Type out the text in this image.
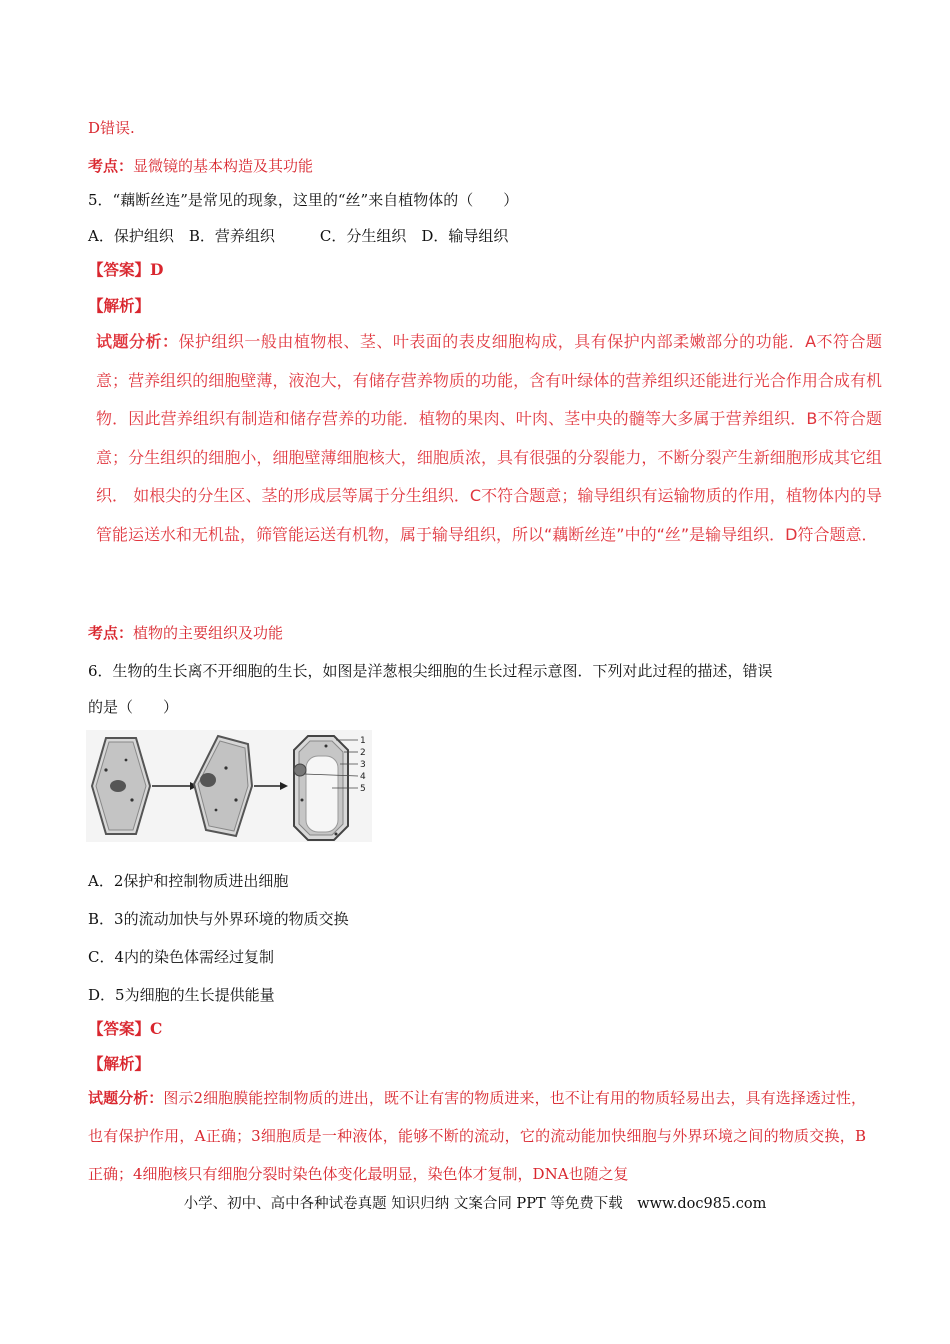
D错误.
考点：显微镜的基本构造及其功能
5．“藕断丝连”是常见的现象，这里的“丝”来自植物体的（　　）
A．保护组织　B．营养组织　　　C．分生组织　D．输导组织
【答案】D
【解析】
试题分析：保护组织一般由植物根、茎、叶表面的表皮细胞构成，具有保护内部柔嫩部分的功能．A不符合题意；营养组织的细胞壁薄，液泡大，有储存营养物质的功能，含有叶绿体的营养组织还能进行光合作用合成有机物．因此营养组织有制造和储存营养的功能．植物的果肉、叶肉、茎中央的髓等大多属于营养组织．B不符合题意；分生组织的细胞小，细胞壁薄细胞核大，细胞质浓，具有很强的分裂能力，不断分裂产生新细胞形成其它组织． 如根尖的分生区、茎的形成层等属于分生组织．C不符合题意；输导组织有运输物质的作用，植物体内的导管能运送水和无机盐，筛管能运送有机物，属于输导组织，所以“藕断丝连”中的“丝”是输导组织．D符合题意．
考点：植物的主要组织及功能
6．生物的生长离不开细胞的生长，如图是洋葱根尖细胞的生长过程示意图．下列对此过程的描述，错误
的是（　　）
1
2
3
4
5
A．2保护和控制物质进出细胞
B．3的流动加快与外界环境的物质交换
C．4内的染色体需经过复制
D．5为细胞的生长提供能量
【答案】C
【解析】
试题分析：图示2细胞膜能控制物质的进出，既不让有害的物质进来，也不让有用的物质轻易出去，具有选择透过性，也有保护作用，A正确；3细胞质是一种液体，能够不断的流动，它的流动能加快细胞与外界环境之间的物质交换，B正确；4细胞核只有细胞分裂时染色体变化最明显，染色体才复制，DNA也随之复
小学、初中、高中各种试卷真题 知识归纳 文案合同 PPT 等免费下载　www.doc985.com
